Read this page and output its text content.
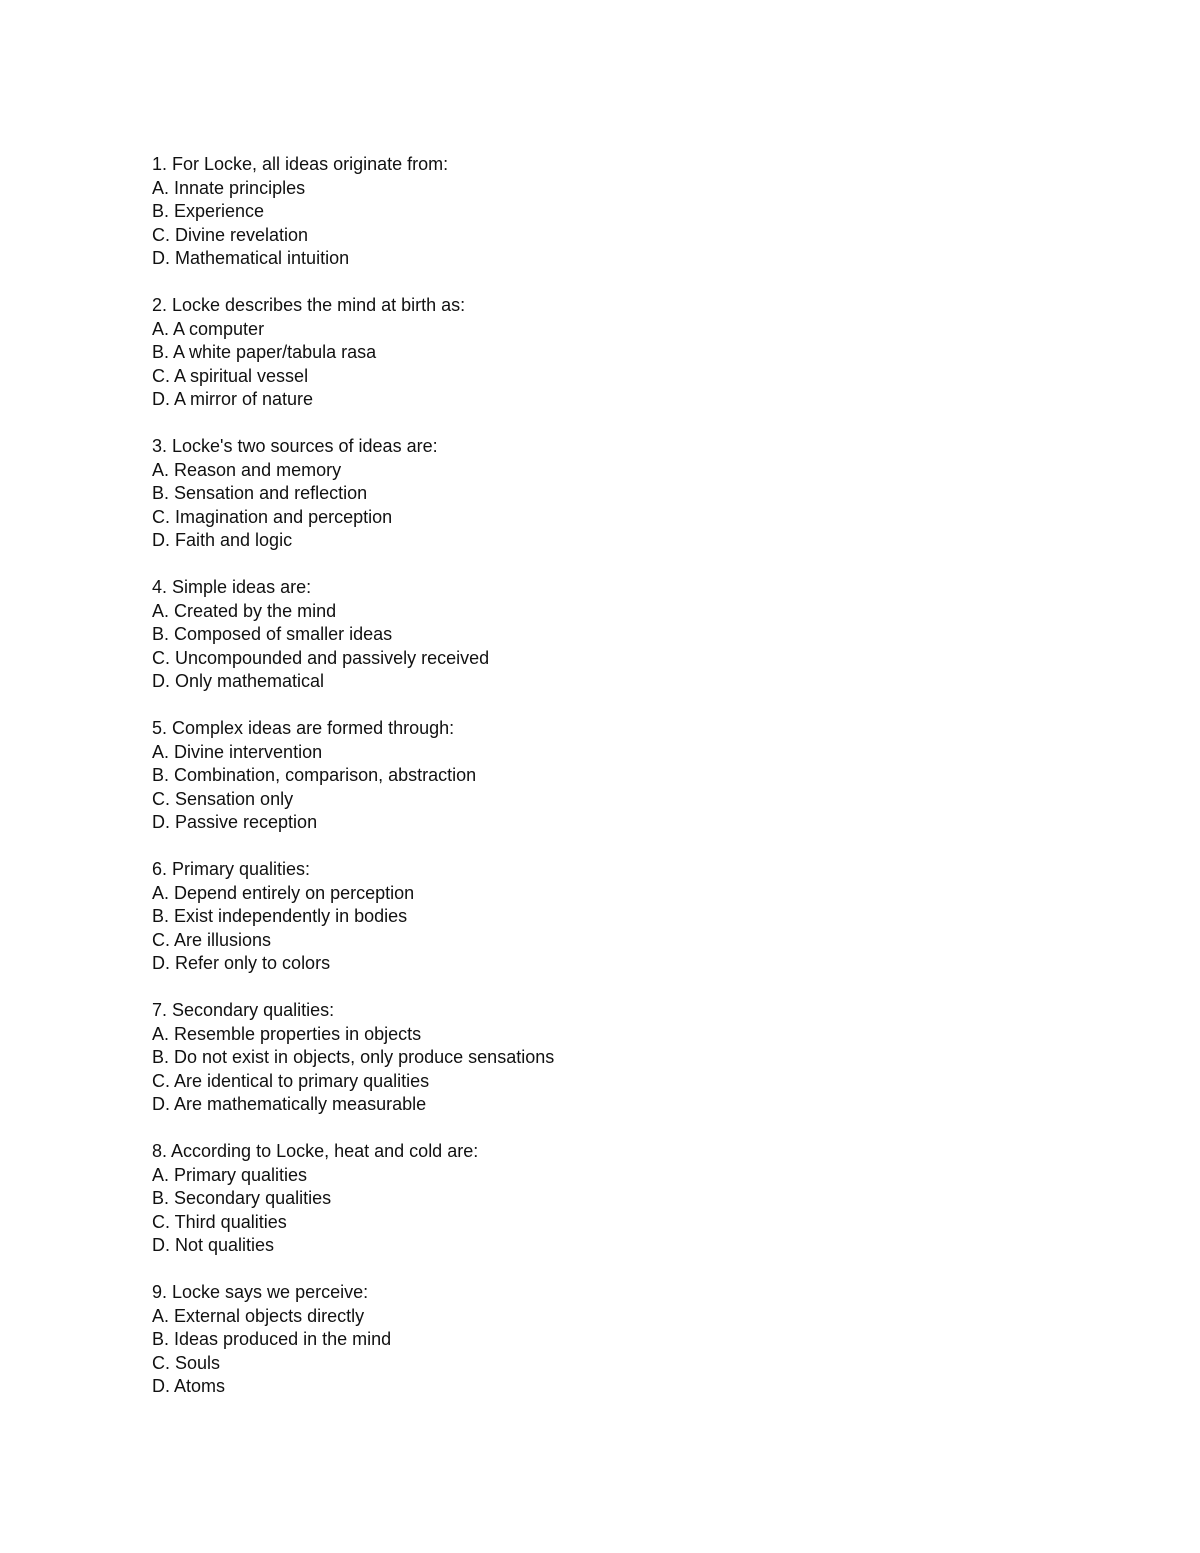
1. For Locke, all ideas originate from:
A. Innate principles
B. Experience
C. Divine revelation
D. Mathematical intuition
2. Locke describes the mind at birth as:
A. A computer
B. A white paper/tabula rasa
C. A spiritual vessel
D. A mirror of nature
3. Locke's two sources of ideas are:
A. Reason and memory
B. Sensation and reflection
C. Imagination and perception
D. Faith and logic
4. Simple ideas are:
A. Created by the mind
B. Composed of smaller ideas
C. Uncompounded and passively received
D. Only mathematical
5. Complex ideas are formed through:
A. Divine intervention
B. Combination, comparison, abstraction
C. Sensation only
D. Passive reception
6. Primary qualities:
A. Depend entirely on perception
B. Exist independently in bodies
C. Are illusions
D. Refer only to colors
7. Secondary qualities:
A. Resemble properties in objects
B. Do not exist in objects, only produce sensations
C. Are identical to primary qualities
D. Are mathematically measurable
8. According to Locke, heat and cold are:
A. Primary qualities
B. Secondary qualities
C. Third qualities
D. Not qualities
9. Locke says we perceive:
A. External objects directly
B. Ideas produced in the mind
C. Souls
D. Atoms
